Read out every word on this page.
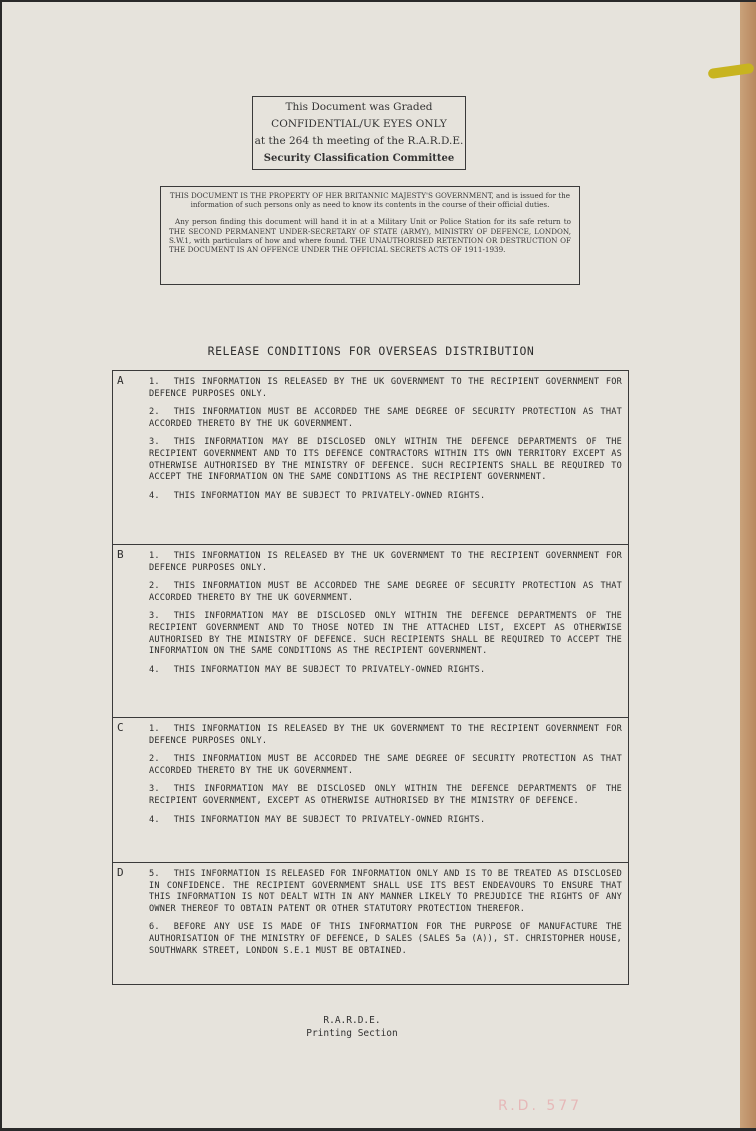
This Document was Graded
CONFIDENTIAL/UK EYES ONLY
at the 264 th meeting of the R.A.R.D.E.
Security Classification Committee

THIS DOCUMENT IS THE PROPERTY OF HER BRITANNIC MAJESTY'S GOVERNMENT, and is issued for the information of such persons only as need to know its contents in the course of their official duties.

Any person finding this document will hand it in at a Military Unit or Police Station for its safe return to THE SECOND PERMANENT UNDER-SECRETARY OF STATE (ARMY), MINISTRY OF DEFENCE, LONDON, S.W.1, with particulars of how and where found. THE UNAUTHORISED RETENTION OR DESTRUCTION OF THE DOCUMENT IS AN OFFENCE UNDER THE OFFICIAL SECRETS ACTS OF 1911-1939.

RELEASE CONDITIONS FOR OVERSEAS DISTRIBUTION
A	1. THIS INFORMATION IS RELEASED BY THE UK GOVERNMENT TO THE RECIPIENT GOVERNMENT FOR DEFENCE PURPOSES ONLY.
2. THIS INFORMATION MUST BE ACCORDED THE SAME DEGREE OF SECURITY PROTECTION AS THAT ACCORDED THERETO BY THE UK GOVERNMENT.
3. THIS INFORMATION MAY BE DISCLOSED ONLY WITHIN THE DEFENCE DEPARTMENTS OF THE RECIPIENT GOVERNMENT AND TO ITS DEFENCE CONTRACTORS WITHIN ITS OWN TERRITORY EXCEPT AS OTHERWISE AUTHORISED BY THE MINISTRY OF DEFENCE. SUCH RECIPIENTS SHALL BE REQUIRED TO ACCEPT THE INFORMATION ON THE SAME CONDITIONS AS THE RECIPIENT GOVERNMENT.
4. THIS INFORMATION MAY BE SUBJECT TO PRIVATELY-OWNED RIGHTS.
B	1. THIS INFORMATION IS RELEASED BY THE UK GOVERNMENT TO THE RECIPIENT GOVERNMENT FOR DEFENCE PURPOSES ONLY.
2. THIS INFORMATION MUST BE ACCORDED THE SAME DEGREE OF SECURITY PROTECTION AS THAT ACCORDED THERETO BY THE UK GOVERNMENT.
3. THIS INFORMATION MAY BE DISCLOSED ONLY WITHIN THE DEFENCE DEPARTMENTS OF THE RECIPIENT GOVERNMENT AND TO THOSE NOTED IN THE ATTACHED LIST, EXCEPT AS OTHERWISE AUTHORISED BY THE MINISTRY OF DEFENCE. SUCH RECIPIENTS SHALL BE REQUIRED TO ACCEPT THE INFORMATION ON THE SAME CONDITIONS AS THE RECIPIENT GOVERNMENT.
4. THIS INFORMATION MAY BE SUBJECT TO PRIVATELY-OWNED RIGHTS.
C	1. THIS INFORMATION IS RELEASED BY THE UK GOVERNMENT TO THE RECIPIENT GOVERNMENT FOR DEFENCE PURPOSES ONLY.
2. THIS INFORMATION MUST BE ACCORDED THE SAME DEGREE OF SECURITY PROTECTION AS THAT ACCORDED THERETO BY THE UK GOVERNMENT.
3. THIS INFORMATION MAY BE DISCLOSED ONLY WITHIN THE DEFENCE DEPARTMENTS OF THE RECIPIENT GOVERNMENT, EXCEPT AS OTHERWISE AUTHORISED BY THE MINISTRY OF DEFENCE.
4. THIS INFORMATION MAY BE SUBJECT TO PRIVATELY-OWNED RIGHTS.
D	5. THIS INFORMATION IS RELEASED FOR INFORMATION ONLY AND IS TO BE TREATED AS DISCLOSED IN CONFIDENCE. THE RECIPIENT GOVERNMENT SHALL USE ITS BEST ENDEAVOURS TO ENSURE THAT THIS INFORMATION IS NOT DEALT WITH IN ANY MANNER LIKELY TO PREJUDICE THE RIGHTS OF ANY OWNER THEREOF TO OBTAIN PATENT OR OTHER STATUTORY PROTECTION THEREFOR.
6. BEFORE ANY USE IS MADE OF THIS INFORMATION FOR THE PURPOSE OF MANUFACTURE THE AUTHORISATION OF THE MINISTRY OF DEFENCE, D SALES (SALES 5a (A)), ST. CHRISTOPHER HOUSE, SOUTHWARK STREET, LONDON S.E.1 MUST BE OBTAINED.
R.A.R.D.E.
Printing Section
R.D. 577
